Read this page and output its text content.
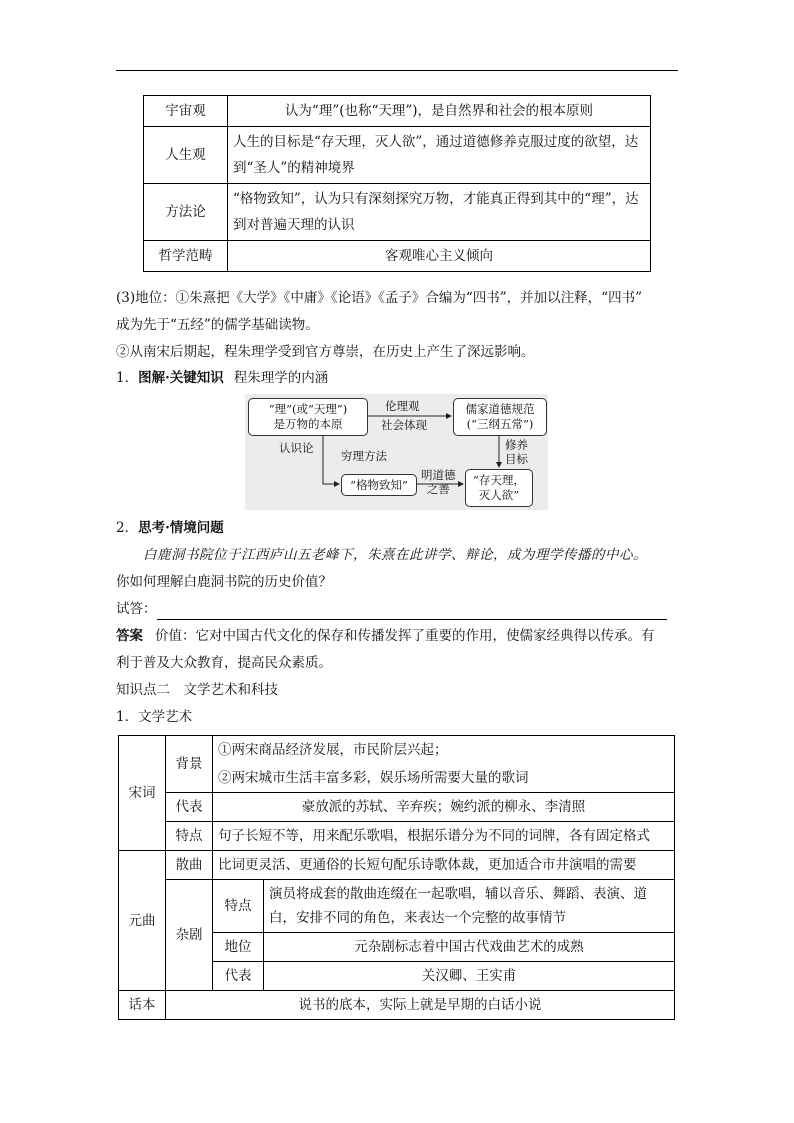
宇宙观	认为“理”(也称“天理”)，是自然界和社会的根本原则
人生观	人生的目标是“存天理，灭人欲”，通过道德修养克服过度的欲望，达到“圣人”的精神境界
方法论	“格物致知”，认为只有深刻探究万物，才能真正得到其中的“理”，达到对普遍天理的认识
哲学范畴	客观唯心主义倾向
(3)地位：①朱熹把《大学》《中庸》《论语》《孟子》合编为“四书”，并加以注释，“四书”
成为先于“五经”的儒学基础读物。
②从南宋后期起，程朱理学受到官方尊崇，在历史上产生了深远影响。
1．图解·关键知识 程朱理学的内涵
“理”(或“天理”)
是万物的本原
儒家道德规范
(“三纲五常”)
“格物致知”	“存天理，
灭人欲”
伦理观
社会体现
修养
目标
认识论
穷理方法
明道德
之善
2．思考·情境问题
白鹿洞书院位于江西庐山五老峰下，朱熹在此讲学、辩论，成为理学传播的中心。
你如何理解白鹿洞书院的历史价值？
试答：
答案 价值：它对中国古代文化的保存和传播发挥了重要的作用，使儒家经典得以传承。有
利于普及大众教育，提高民众素质。
知识点二　文学艺术和科技
1．文学艺术
宋词	背景	①两宋商品经济发展，市民阶层兴起；	
		②两宋城市生活丰富多彩，娱乐场所需要大量的歌词	
	代表	豪放派的苏轼、辛弃疾；婉约派的柳永、李清照	
	特点	句子长短不等，用来配乐歌唱，根据乐谱分为不同的词牌，各有固定格式	
元曲	散曲	比词更灵活、更通俗的长短句配乐诗歌体裁，更加适合市井演唱的需要	
	杂剧	特点	演员将成套的散曲连缀在一起歌唱，辅以音乐、舞蹈、表演、道白，安排不同的角色，来表达一个完整的故事情节
		地位	元杂剧标志着中国古代戏曲艺术的成熟
		代表	关汉卿、王实甫
话本	说书的底本，实际上就是早期的白话小说		
